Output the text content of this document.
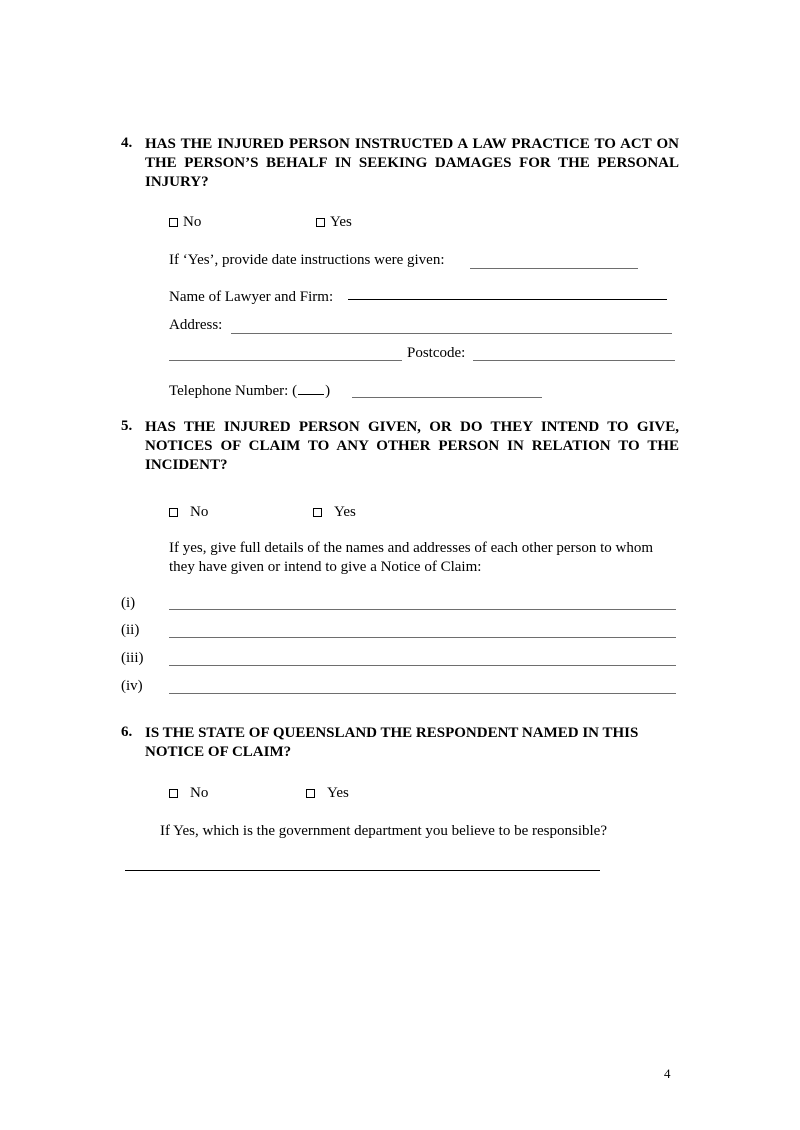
4. HAS THE INJURED PERSON INSTRUCTED A LAW PRACTICE TO ACT ON THE PERSON’S BEHALF IN SEEKING DAMAGES FOR THE PERSONAL INJURY?
No	Yes
If ‘Yes’, provide date instructions were given:
Name of Lawyer and Firm:
Address:
Postcode:
Telephone Number: ( )
5. HAS THE INJURED PERSON GIVEN, OR DO THEY INTEND TO GIVE, NOTICES OF CLAIM TO ANY OTHER PERSON IN RELATION TO THE INCIDENT?
No	Yes
If yes, give full details of the names and addresses of each other person to whom they have given or intend to give a Notice of Claim:
(i)
(ii)
(iii)
(iv)
6. IS THE STATE OF QUEENSLAND THE RESPONDENT NAMED IN THIS NOTICE OF CLAIM?
No	Yes
If Yes, which is the government department you believe to be responsible?
4
